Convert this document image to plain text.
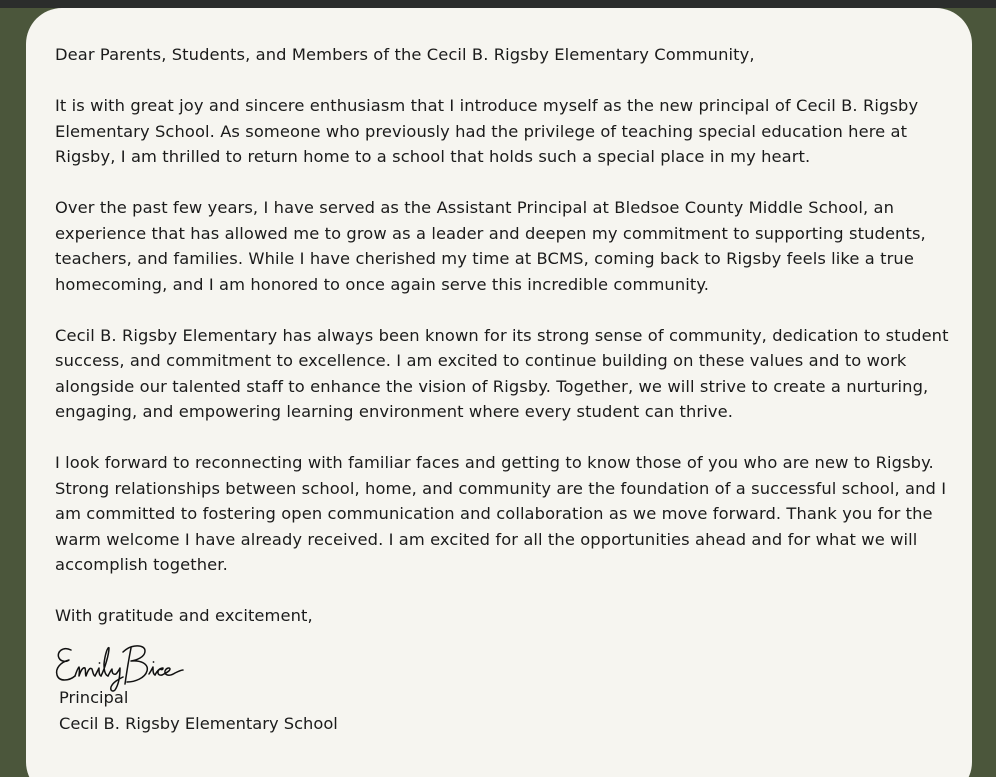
Dear Parents, Students, and Members of the Cecil B. Rigsby Elementary Community,

It is with great joy and sincere enthusiasm that I introduce myself as the new principal of Cecil B. Rigsby Elementary School. As someone who previously had the privilege of teaching special education here at Rigsby, I am thrilled to return home to a school that holds such a special place in my heart.

Over the past few years, I have served as the Assistant Principal at Bledsoe County Middle School, an experience that has allowed me to grow as a leader and deepen my commitment to supporting students, teachers, and families. While I have cherished my time at BCMS, coming back to Rigsby feels like a true homecoming, and I am honored to once again serve this incredible community.

Cecil B. Rigsby Elementary has always been known for its strong sense of community, dedication to student success, and commitment to excellence. I am excited to continue building on these values and to work alongside our talented staff to enhance the vision of Rigsby. Together, we will strive to create a nurturing, engaging, and empowering learning environment where every student can thrive.

I look forward to reconnecting with familiar faces and getting to know those of you who are new to Rigsby. Strong relationships between school, home, and community are the foundation of a successful school, and I am committed to fostering open communication and collaboration as we move forward. Thank you for the warm welcome I have already received. I am excited for all the opportunities ahead and for what we will accomplish together.

With gratitude and excitement,

Principal
Cecil B. Rigsby Elementary School
